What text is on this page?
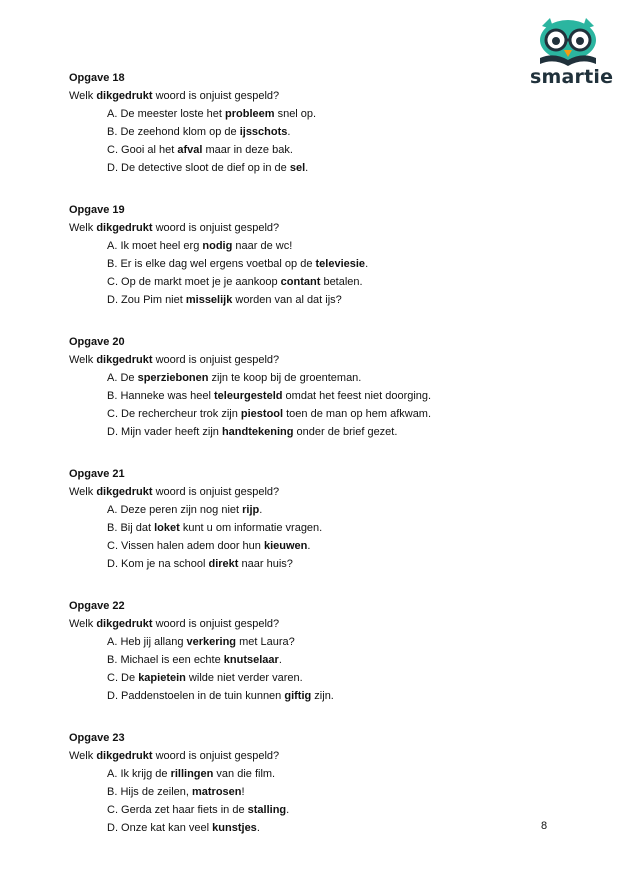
smartie
Opgave 18
Welk dikgedrukt woord is onjuist gespeld?
A. De meester loste het probleem snel op.
B. De zeehond klom op de ijsschots.
C. Gooi al het afval maar in deze bak.
D. De detective sloot de dief op in de sel.
Opgave 19
Welk dikgedrukt woord is onjuist gespeld?
A. Ik moet heel erg nodig naar de wc!
B. Er is elke dag wel ergens voetbal op de televiesie.
C. Op de markt moet je je aankoop contant betalen.
D. Zou Pim niet misselijk worden van al dat ijs?
Opgave 20
Welk dikgedrukt woord is onjuist gespeld?
A. De sperziebonen zijn te koop bij de groenteman.
B. Hanneke was heel teleurgesteld omdat het feest niet doorging.
C. De rechercheur trok zijn piestool toen de man op hem afkwam.
D. Mijn vader heeft zijn handtekening onder de brief gezet.
Opgave 21
Welk dikgedrukt woord is onjuist gespeld?
A. Deze peren zijn nog niet rijp.
B. Bij dat loket kunt u om informatie vragen.
C. Vissen halen adem door hun kieuwen.
D. Kom je na school direkt naar huis?
Opgave 22
Welk dikgedrukt woord is onjuist gespeld?
A. Heb jij allang verkering met Laura?
B. Michael is een echte knutselaar.
C. De kapietein wilde niet verder varen.
D. Paddenstoelen in de tuin kunnen giftig zijn.
Opgave 23
Welk dikgedrukt woord is onjuist gespeld?
A. Ik krijg de rillingen van die film.
B. Hijs de zeilen, matrosen!
C. Gerda zet haar fiets in de stalling.
D. Onze kat kan veel kunstjes.	8
